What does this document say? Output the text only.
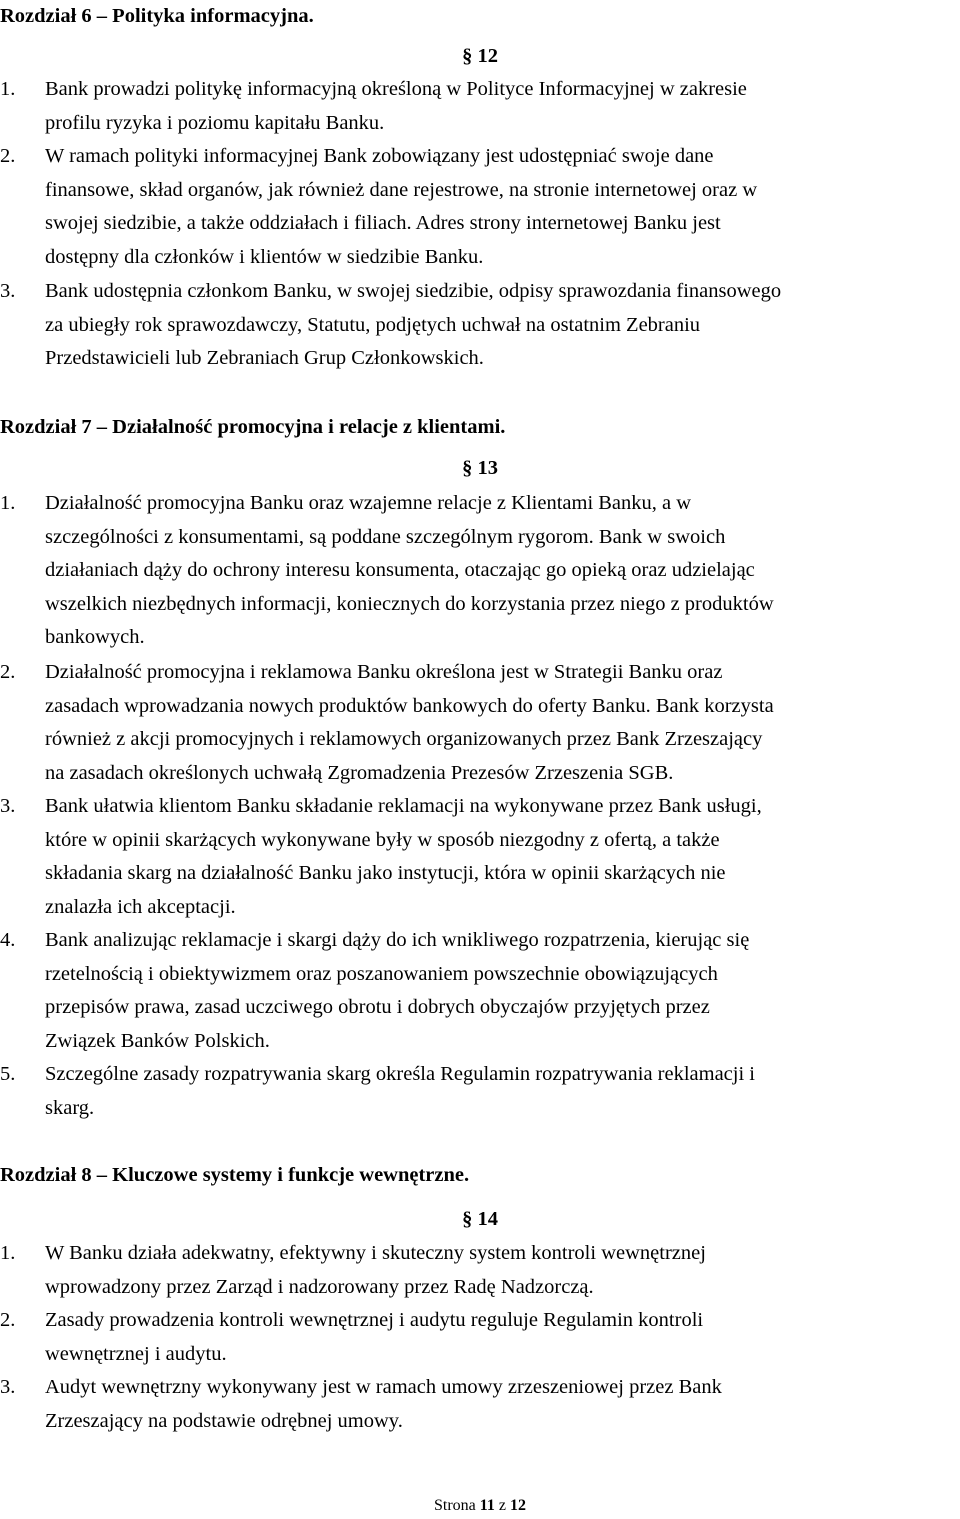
Rozdział 6 – Polityka informacyjna.
§ 12
1.	Bank prowadzi politykę informacyjną określoną w Polityce Informacyjnej w zakresie
profilu ryzyka i poziomu kapitału Banku.
2.	W ramach polityki informacyjnej Bank zobowiązany jest udostępniać swoje dane
finansowe, skład organów, jak również dane rejestrowe, na stronie internetowej oraz w
swojej siedzibie, a także oddziałach i filiach. Adres strony internetowej Banku jest
dostępny dla członków i klientów w siedzibie Banku.
3.	Bank udostępnia członkom Banku, w swojej siedzibie, odpisy sprawozdania finansowego
za ubiegły rok sprawozdawczy, Statutu, podjętych uchwał na ostatnim Zebraniu
Przedstawicieli lub Zebraniach Grup Członkowskich.
Rozdział 7 – Działalność promocyjna i relacje z klientami.
§ 13
1.	Działalność promocyjna Banku oraz wzajemne relacje z Klientami Banku, a w
szczególności z konsumentami, są poddane szczególnym rygorom. Bank w swoich
działaniach dąży do ochrony interesu konsumenta, otaczając go opieką oraz udzielając
wszelkich niezbędnych informacji, koniecznych do korzystania przez niego z produktów
bankowych.
2.	Działalność promocyjna i reklamowa Banku określona jest w Strategii Banku oraz
zasadach wprowadzania nowych produktów bankowych do oferty Banku. Bank korzysta
również z akcji promocyjnych i reklamowych organizowanych przez Bank Zrzeszający
na zasadach określonych uchwałą Zgromadzenia Prezesów Zrzeszenia SGB.
3.	Bank ułatwia klientom Banku składanie reklamacji na wykonywane przez Bank usługi,
które w opinii skarżących wykonywane były w sposób niezgodny z ofertą, a także
składania skarg na działalność Banku jako instytucji, która w opinii skarżących nie
znalazła ich akceptacji.
4.	Bank analizując reklamacje i skargi dąży do ich wnikliwego rozpatrzenia, kierując się
rzetelnością i obiektywizmem oraz poszanowaniem powszechnie obowiązujących
przepisów prawa, zasad uczciwego obrotu i dobrych obyczajów przyjętych przez
Związek Banków Polskich.
5.	Szczególne zasady rozpatrywania skarg określa Regulamin rozpatrywania reklamacji i
skarg.
Rozdział 8 – Kluczowe systemy i funkcje wewnętrzne.
§ 14
1.	W Banku działa adekwatny, efektywny i skuteczny system kontroli wewnętrznej
wprowadzony przez Zarząd i nadzorowany przez Radę Nadzorczą.
2.	Zasady prowadzenia kontroli wewnętrznej i audytu reguluje Regulamin kontroli
wewnętrznej i audytu.
3.	Audyt wewnętrzny wykonywany jest w ramach umowy zrzeszeniowej przez Bank
Zrzeszający na podstawie odrębnej umowy.
Strona 11 z 12
